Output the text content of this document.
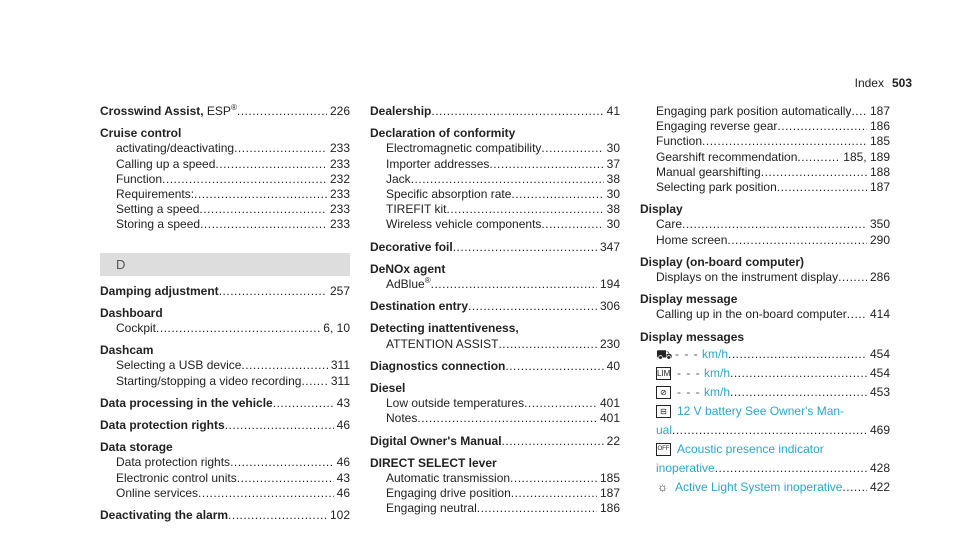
Index 503
Crosswind Assist, ESP® .....	226
Cruise control
activating/deactivating .....	233
Calling up a speed .....	233
Function .....	232
Requirements: .....	233
Setting a speed .....	233
Storing a speed .....	233
D
Damping adjustment .....	257
Dashboard
Cockpit .....	6, 10
Dashcam
Selecting a USB device .....	311
Starting/stopping a video recording ..... 311
Data processing in the vehicle .....	43
Data protection rights .....	46
Data storage
Data protection rights .....	46
Electronic control units .....	43
Online services .....	46
Deactivating the alarm .....	102
Dealership .....	41
Declaration of conformity
Electromagnetic compatibility .....	30
Importer addresses .....	37
Jack .....	38
Specific absorption rate .....	30
TIREFIT kit .....	38
Wireless vehicle components .....	30
Decorative foil .....	347
DeNOx agent
AdBlue® .....	194
Destination entry .....	306
Detecting inattentiveness,
ATTENTION ASSIST .....	230
Diagnostics connection .....	40
Diesel
Low outside temperatures .....	401
Notes .....	401
Digital Owner's Manual .....	22
DIRECT SELECT lever
Automatic transmission .....	185
Engaging drive position .....	187
Engaging neutral .....	186
Engaging park position automatically ..... 187
Engaging reverse gear .....	186
Function .....	185
Gearshift recommendation .....	185, 189
Manual gearshifting .....	188
Selecting park position .....	187
Display
Care .....	350
Home screen .....	290
Display (on-board computer)
Displays on the instrument display .....	286
Display message
Calling up in the on-board computer ..... 414
Display messages
⛟ - - - km/h .....	454
LIM - - - km/h .....	454
⊘ - - - km/h .....	453
⊟ 12 V battery See Owner's Man-
ual .....	469
OFF Acoustic presence indicator
inoperative .....	428
☼ Active Light System inoperative ..... 422
